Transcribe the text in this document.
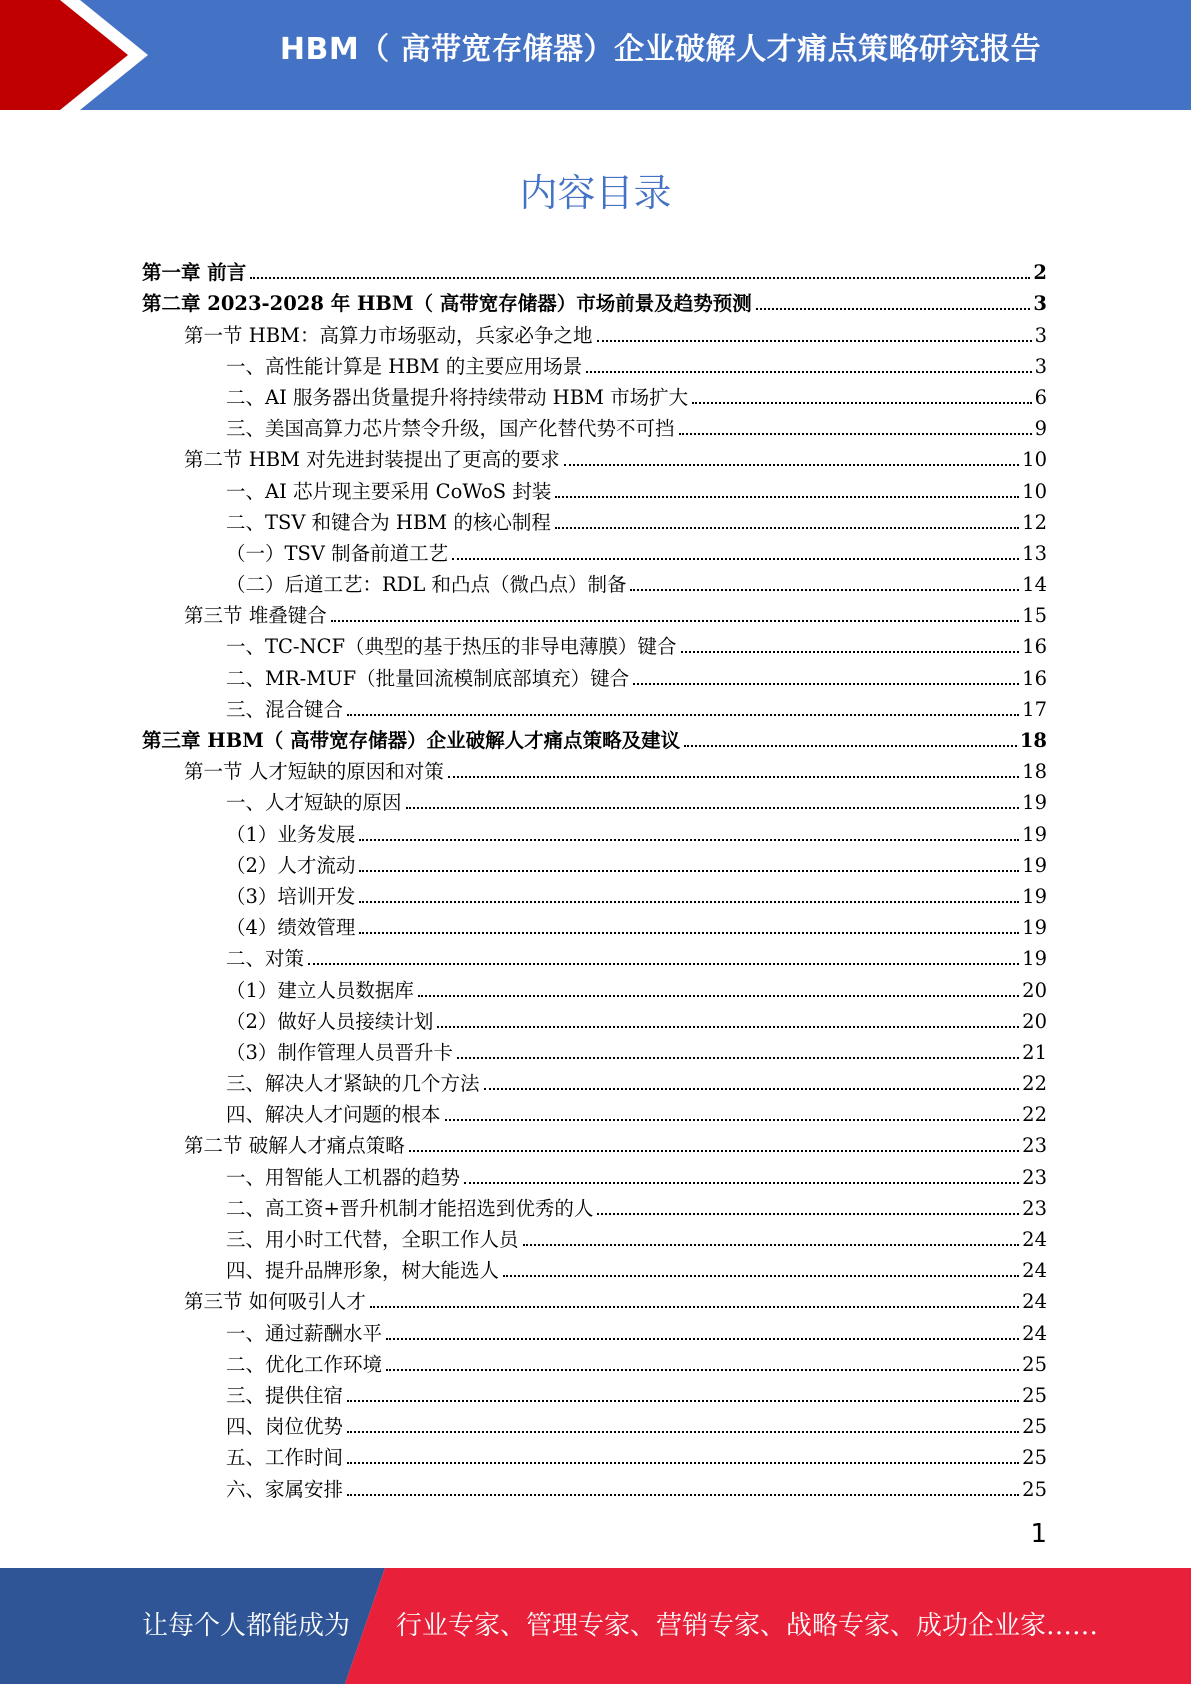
HBM（ 高带宽存储器）企业破解人才痛点策略研究报告
内容目录
第一章 前言	2
第二章 2023-2028 年 HBM（ 高带宽存储器）市场前景及趋势预测	3
第一节 HBM：高算力市场驱动，兵家必争之地	3
一、高性能计算是 HBM 的主要应用场景	3
二、AI 服务器出货量提升将持续带动 HBM 市场扩大	6
三、美国高算力芯片禁令升级，国产化替代势不可挡	9
第二节 HBM 对先进封装提出了更高的要求	10
一、AI 芯片现主要采用 CoWoS 封装	10
二、TSV 和键合为 HBM 的核心制程	12
（一）TSV 制备前道工艺	13
（二）后道工艺：RDL 和凸点（微凸点）制备	14
第三节 堆叠键合	15
一、TC-NCF（典型的基于热压的非导电薄膜）键合	16
二、MR-MUF（批量回流模制底部填充）键合	16
三、混合键合	17
第三章 HBM（ 高带宽存储器）企业破解人才痛点策略及建议	18
第一节 人才短缺的原因和对策	18
一、人才短缺的原因	19
（1）业务发展	19
（2）人才流动	19
（3）培训开发	19
（4）绩效管理	19
二、对策	19
（1）建立人员数据库	20
（2）做好人员接续计划	20
（3）制作管理人员晋升卡	21
三、解决人才紧缺的几个方法	22
四、解决人才问题的根本	22
第二节 破解人才痛点策略	23
一、用智能人工机器的趋势	23
二、高工资+晋升机制才能招选到优秀的人	23
三、用小时工代替，全职工作人员	24
四、提升品牌形象，树大能选人	24
第三节 如何吸引人才	24
一、通过薪酬水平	24
二、优化工作环境	25
三、提供住宿	25
四、岗位优势	25
五、工作时间	25
六、家属安排	25
1
让每个人都能成为 行业专家、管理专家、营销专家、战略专家、成功企业家……
